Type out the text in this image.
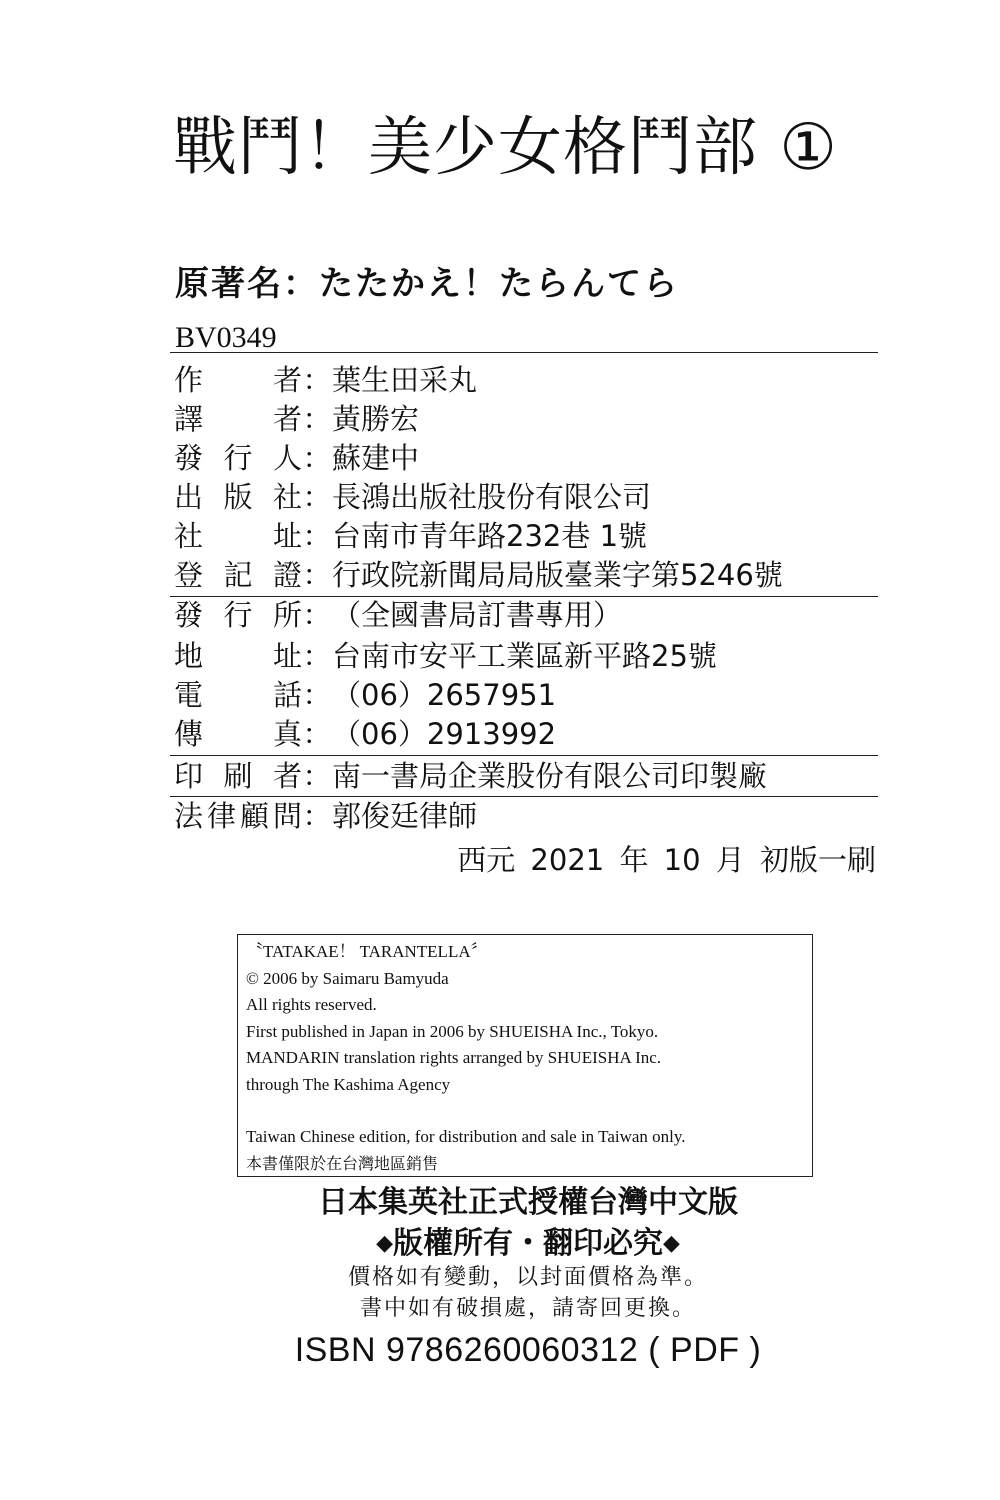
戰鬥！美少女格鬥部 ①
原著名：たたかえ！たらんてら
BV0349
作者：葉生田采丸
譯者：黃勝宏
發行人：蘇建中
出版社：長鴻出版社股份有限公司
社址：台南市青年路232巷 1號
登記證：行政院新聞局局版臺業字第5246號
發行所：（全國書局訂書專用）
地址：台南市安平工業區新平路25號
電話：（06）2657951
傳真：（06）2913992
印刷者：南一書局企業股份有限公司印製廠
法律顧問：郭俊廷律師
西元 2021 年 10 月 初版一刷
〝TATAKAE！ TARANTELLA〞
© 2006 by Saimaru Bamyuda
All rights reserved.
First published in Japan in 2006 by SHUEISHA Inc., Tokyo.
MANDARIN translation rights arranged by SHUEISHA Inc.
through The Kashima Agency
Taiwan Chinese edition, for distribution and sale in Taiwan only.
本書僅限於在台灣地區銷售
日本集英社正式授權台灣中文版
◆版權所有・翻印必究◆
價格如有變動，以封面價格為準。
書中如有破損處，請寄回更換。
ISBN 9786260060312 ( PDF )
